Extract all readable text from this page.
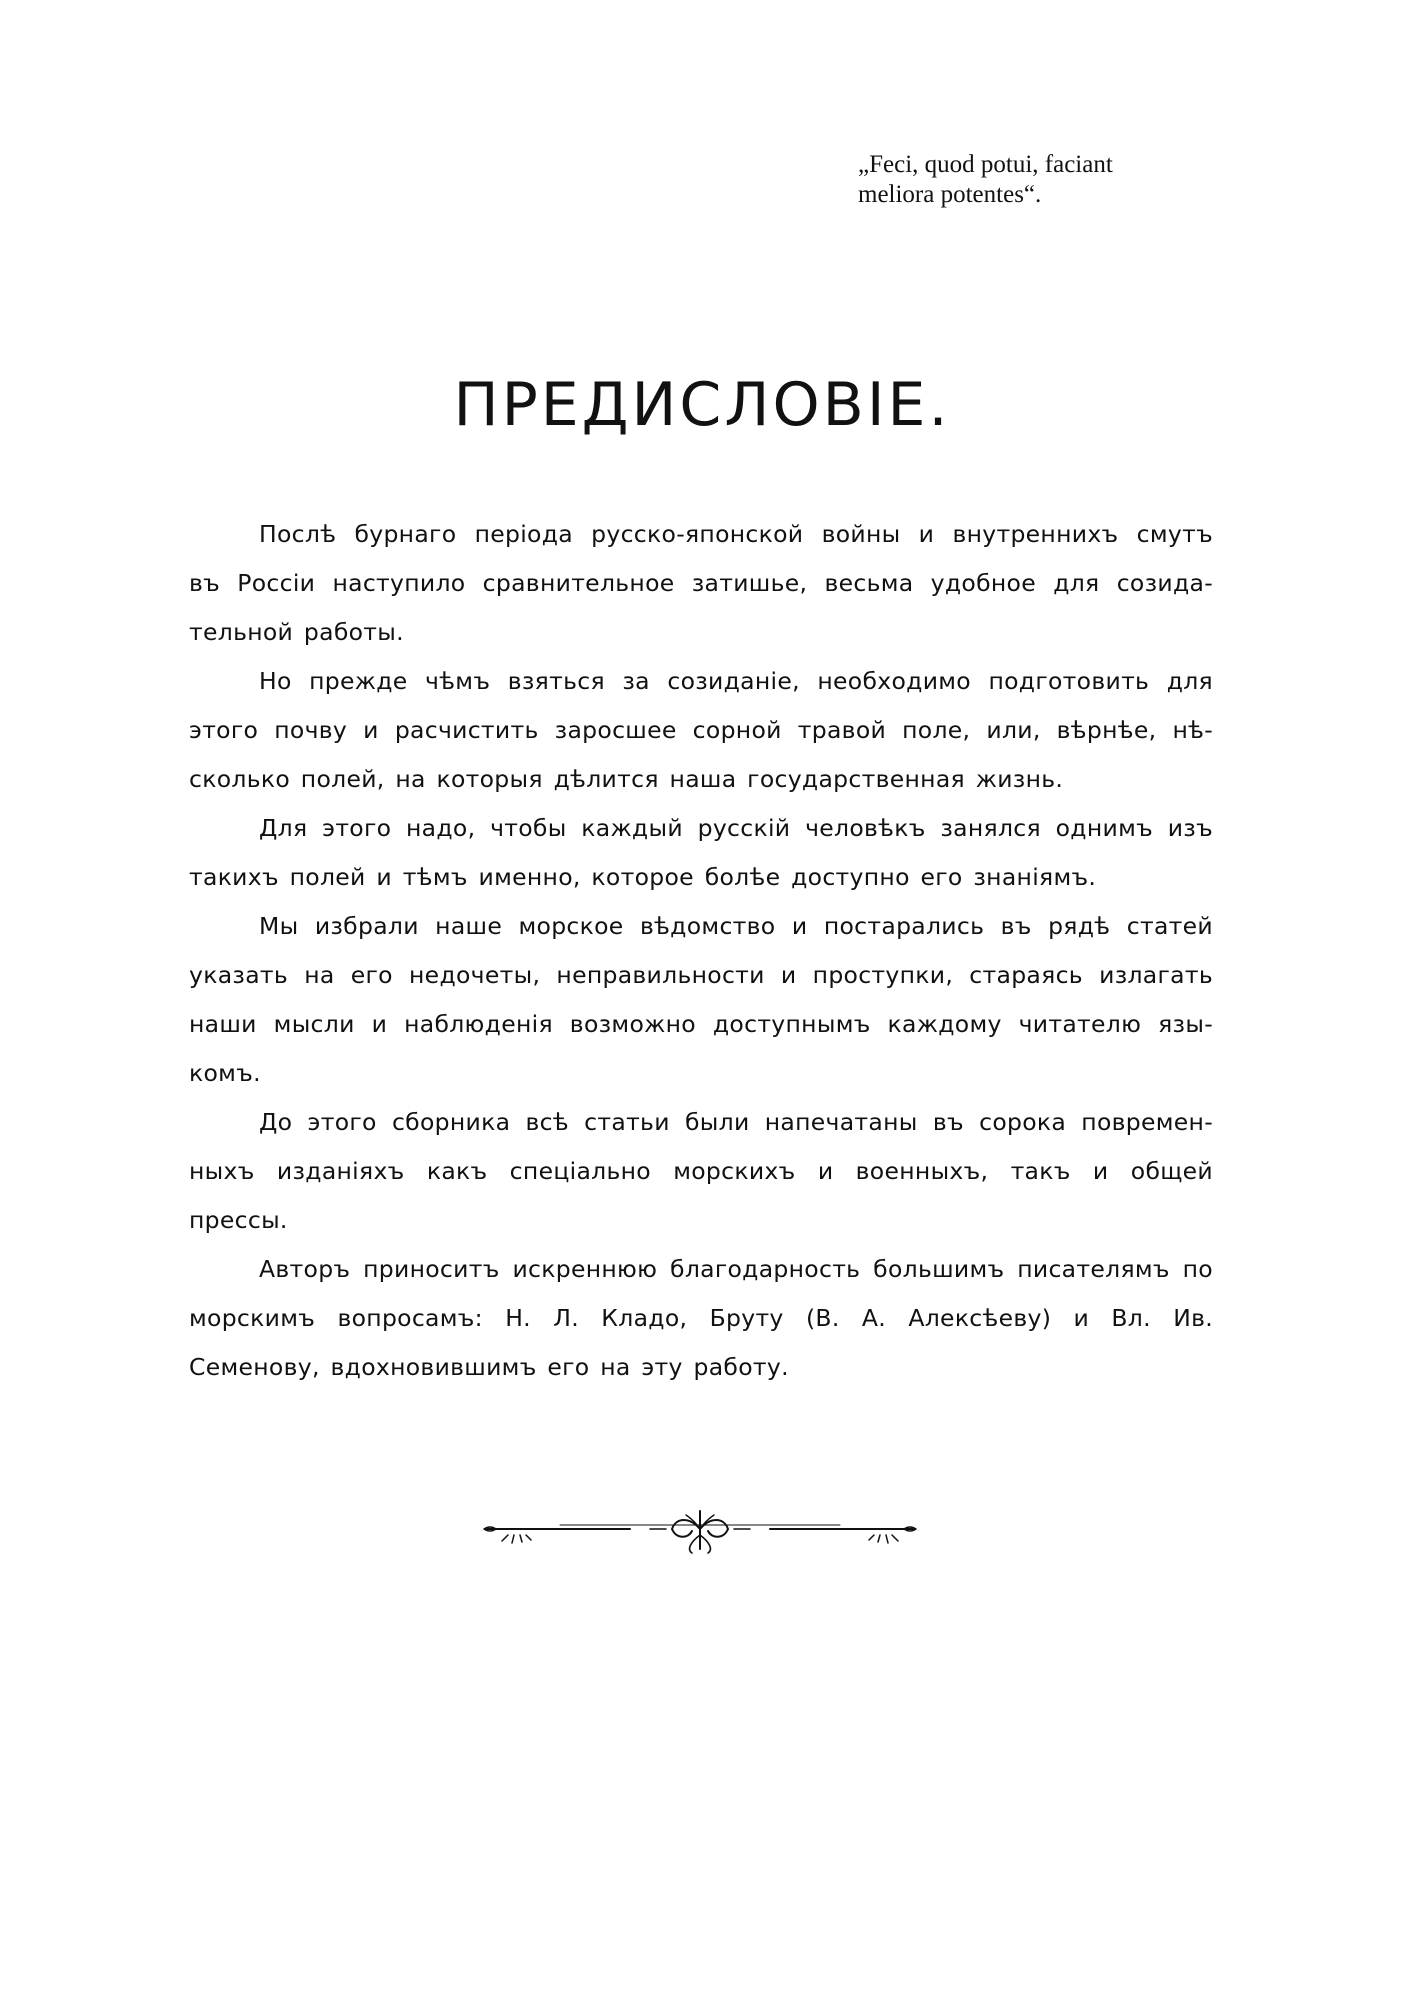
„Feci, quod potui, faciant
meliora potentes“.
ПРЕДИСЛОВIЕ.
Послѣ бурнаго перiода русско-японской войны и внутреннихъ смутъ
въ Россiи наступило сравнительное затишье, весьма удобное для созида-
тельной работы.
Но прежде чѣмъ взяться за созиданiе, необходимо подготовить для
этого почву и расчистить заросшее сорной травой поле, или, вѣрнѣе, нѣ-
сколько полей, на которыя дѣлится наша государственная жизнь.
Для этого надо, чтобы каждый русскiй человѣкъ занялся однимъ изъ
такихъ полей и тѣмъ именно, которое болѣе доступно его знанiямъ.
Мы избрали наше морское вѣдомство и постарались въ рядѣ статей
указать на его недочеты, неправильности и проступки, стараясь излагать
наши мысли и наблюденiя возможно доступнымъ каждому читателю язы-
комъ.
До этого сборника всѣ статьи были напечатаны въ сорока повремен-
ныхъ изданiяхъ какъ спецiально морскихъ и военныхъ, такъ и общей
прессы.
Авторъ приноситъ искреннюю благодарность большимъ писателямъ по
морскимъ вопросамъ: Н. Л. Кладо, Бруту (В. А. Алексѣеву) и Вл. Ив.
Семенову, вдохновившимъ его на эту работу.
